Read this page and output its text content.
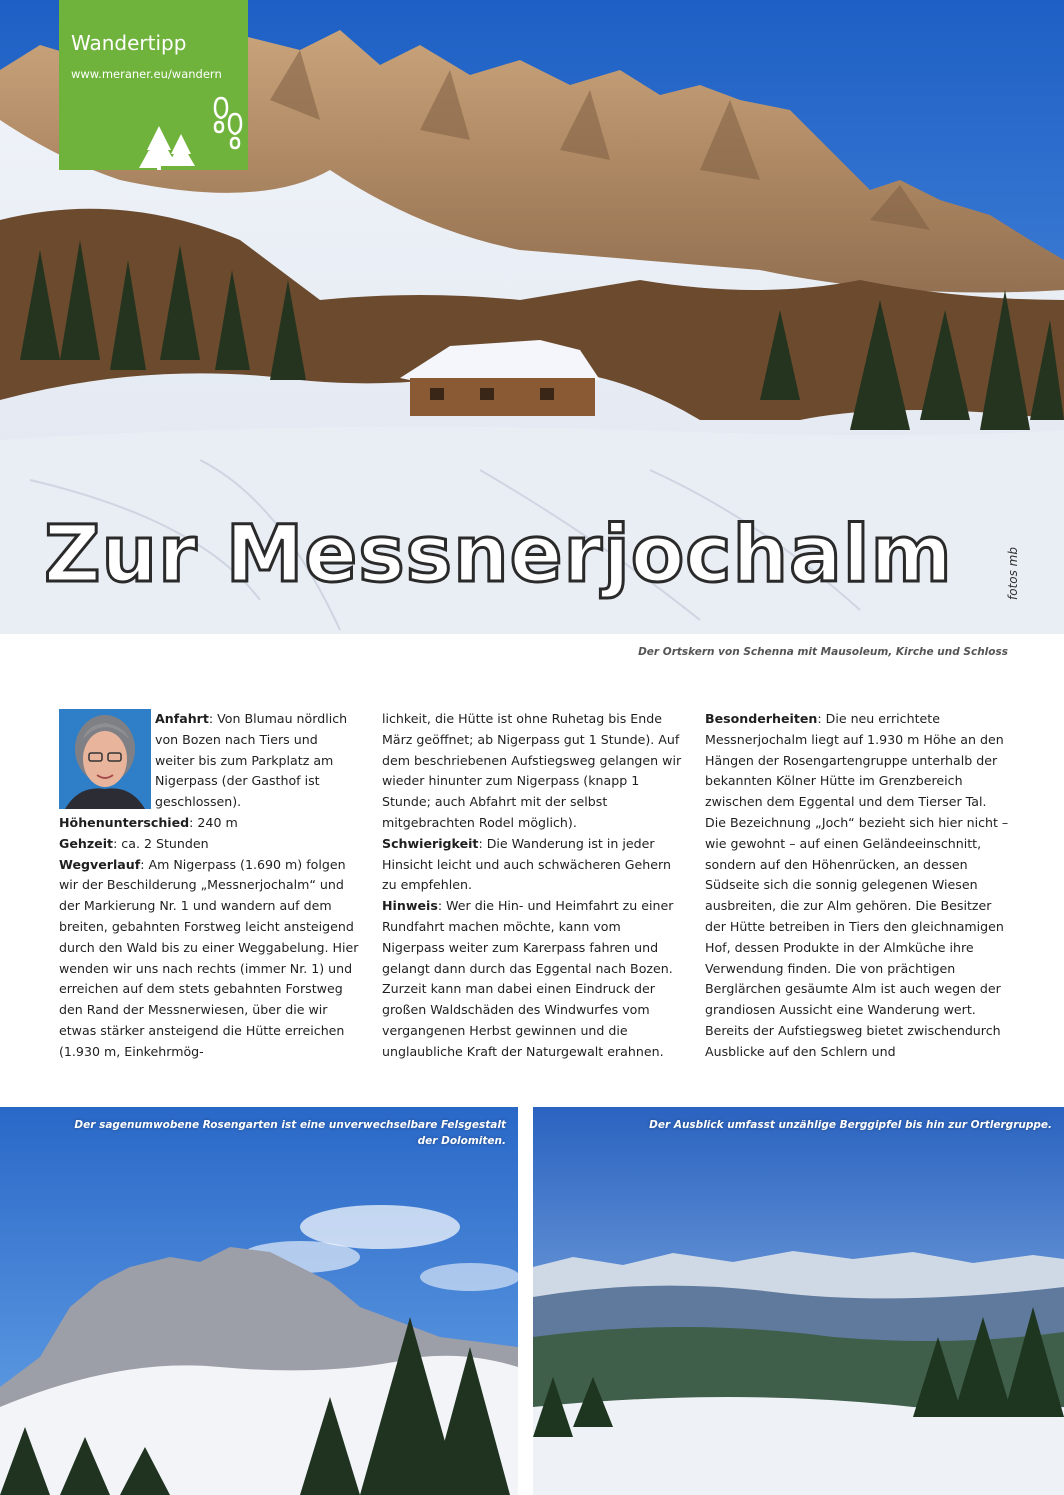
Zur Messnerjochalm	fotos mb
Wandertipp
www.meraner.eu/wandern

Der Ortskern von Schenna mit Mausoleum, Kirche und Schloss

Anfahrt: Von Blumau nördlich von Bozen nach Tiers und weiter bis zum Parkplatz am Nigerpass (der Gasthof ist geschlossen).

Höhenunterschied: 240 m

Gehzeit: ca. 2 Stunden

Wegverlauf: Am Nigerpass (1.690 m) folgen wir der Beschilderung „Messnerjochalm“ und der Markierung Nr. 1 und wandern auf dem breiten, gebahnten Forstweg leicht ansteigend durch den Wald bis zu einer Weggabelung. Hier wenden wir uns nach rechts (immer Nr. 1) und erreichen auf dem stets gebahnten Forstweg den Rand der Messnerwiesen, über die wir etwas stärker ansteigend die Hütte erreichen (1.930 m, Einkehrmög-

lichkeit, die Hütte ist ohne Ruhetag bis Ende März geöffnet; ab Nigerpass gut 1 Stunde). Auf dem beschriebenen Aufstiegsweg gelangen wir wieder hinunter zum Nigerpass (knapp 1 Stunde; auch Abfahrt mit der selbst mitgebrachten Rodel möglich).

Schwierigkeit: Die Wanderung ist in jeder Hinsicht leicht und auch schwächeren Gehern zu empfehlen.

Hinweis: Wer die Hin- und Heimfahrt zu einer Rundfahrt machen möchte, kann vom Nigerpass weiter zum Karerpass fahren und gelangt dann durch das Eggental nach Bozen. Zurzeit kann man dabei einen Eindruck der großen Waldschäden des Windwurfes vom vergangenen Herbst gewinnen und die unglaubliche Kraft der Naturgewalt erahnen.

Besonderheiten: Die neu errichtete Messnerjochalm liegt auf 1.930 m Höhe an den Hängen der Rosengartengruppe unterhalb der bekannten Kölner Hütte im Grenzbereich zwischen dem Eggental und dem Tierser Tal. Die Bezeichnung „Joch“ bezieht sich hier nicht – wie gewohnt – auf einen Geländeeinschnitt, sondern auf den Höhenrücken, an dessen Südseite sich die sonnig gelegenen Wiesen ausbreiten, die zur Alm gehören. Die Besitzer der Hütte betreiben in Tiers den gleichnamigen Hof, dessen Produkte in der Almküche ihre Verwendung finden. Die von prächtigen Berglärchen gesäumte Alm ist auch wegen der grandiosen Aussicht eine Wanderung wert. Bereits der Aufstiegsweg bietet zwischendurch Ausblicke auf den Schlern und

Der sagenumwobene Rosengarten ist eine unverwechselbare Felsgestalt der Dolomiten.

Der Ausblick umfasst unzählige Berggipfel bis hin zur Ortlergruppe.
